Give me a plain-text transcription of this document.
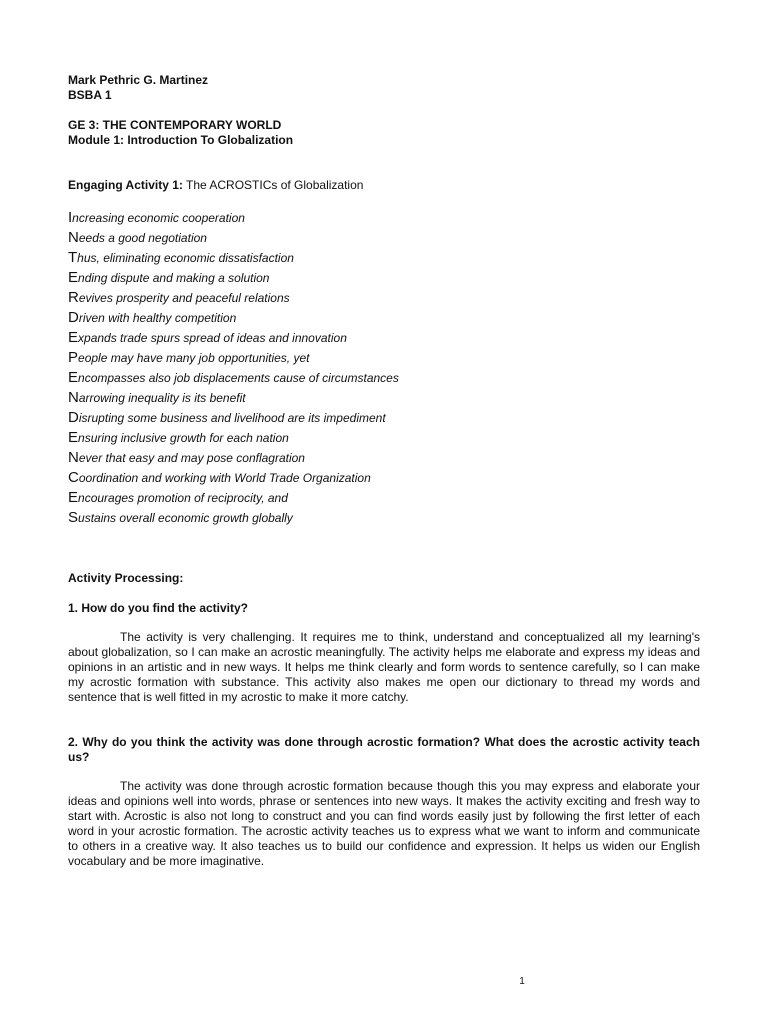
Mark Pethric G. Martinez
BSBA 1
GE 3: THE CONTEMPORARY WORLD
Module 1: Introduction To Globalization
Engaging Activity 1: The ACROSTICs of Globalization
Increasing economic cooperation
Needs a good negotiation
Thus, eliminating economic dissatisfaction
Ending dispute and making a solution
Revives prosperity and peaceful relations
Driven with healthy competition
Expands trade spurs spread of ideas and innovation
People may have many job opportunities, yet
Encompasses also job displacements cause of circumstances
Narrowing inequality is its benefit
Disrupting some business and livelihood are its impediment
Ensuring inclusive growth for each nation
Never that easy and may pose conflagration
Coordination and working with World Trade Organization
Encourages promotion of reciprocity, and
Sustains overall economic growth globally
Activity Processing:

1. How do you find the activity?

The activity is very challenging. It requires me to think, understand and conceptualized all my learning's about globalization, so I can make an acrostic meaningfully. The activity helps me elaborate and express my ideas and opinions in an artistic and in new ways. It helps me think clearly and form words to sentence carefully, so I can make my acrostic formation with substance. This activity also makes me open our dictionary to thread my words and sentence that is well fitted in my acrostic to make it more catchy.

2. Why do you think the activity was done through acrostic formation? What does the acrostic activity teach us?

The activity was done through acrostic formation because though this you may express and elaborate your ideas and opinions well into words, phrase or sentences into new ways. It makes the activity exciting and fresh way to start with. Acrostic is also not long to construct and you can find words easily just by following the first letter of each word in your acrostic formation. The acrostic activity teaches us to express what we want to inform and communicate to others in a creative way. It also teaches us to build our confidence and expression. It helps us widen our English vocabulary and be more imaginative.

1
